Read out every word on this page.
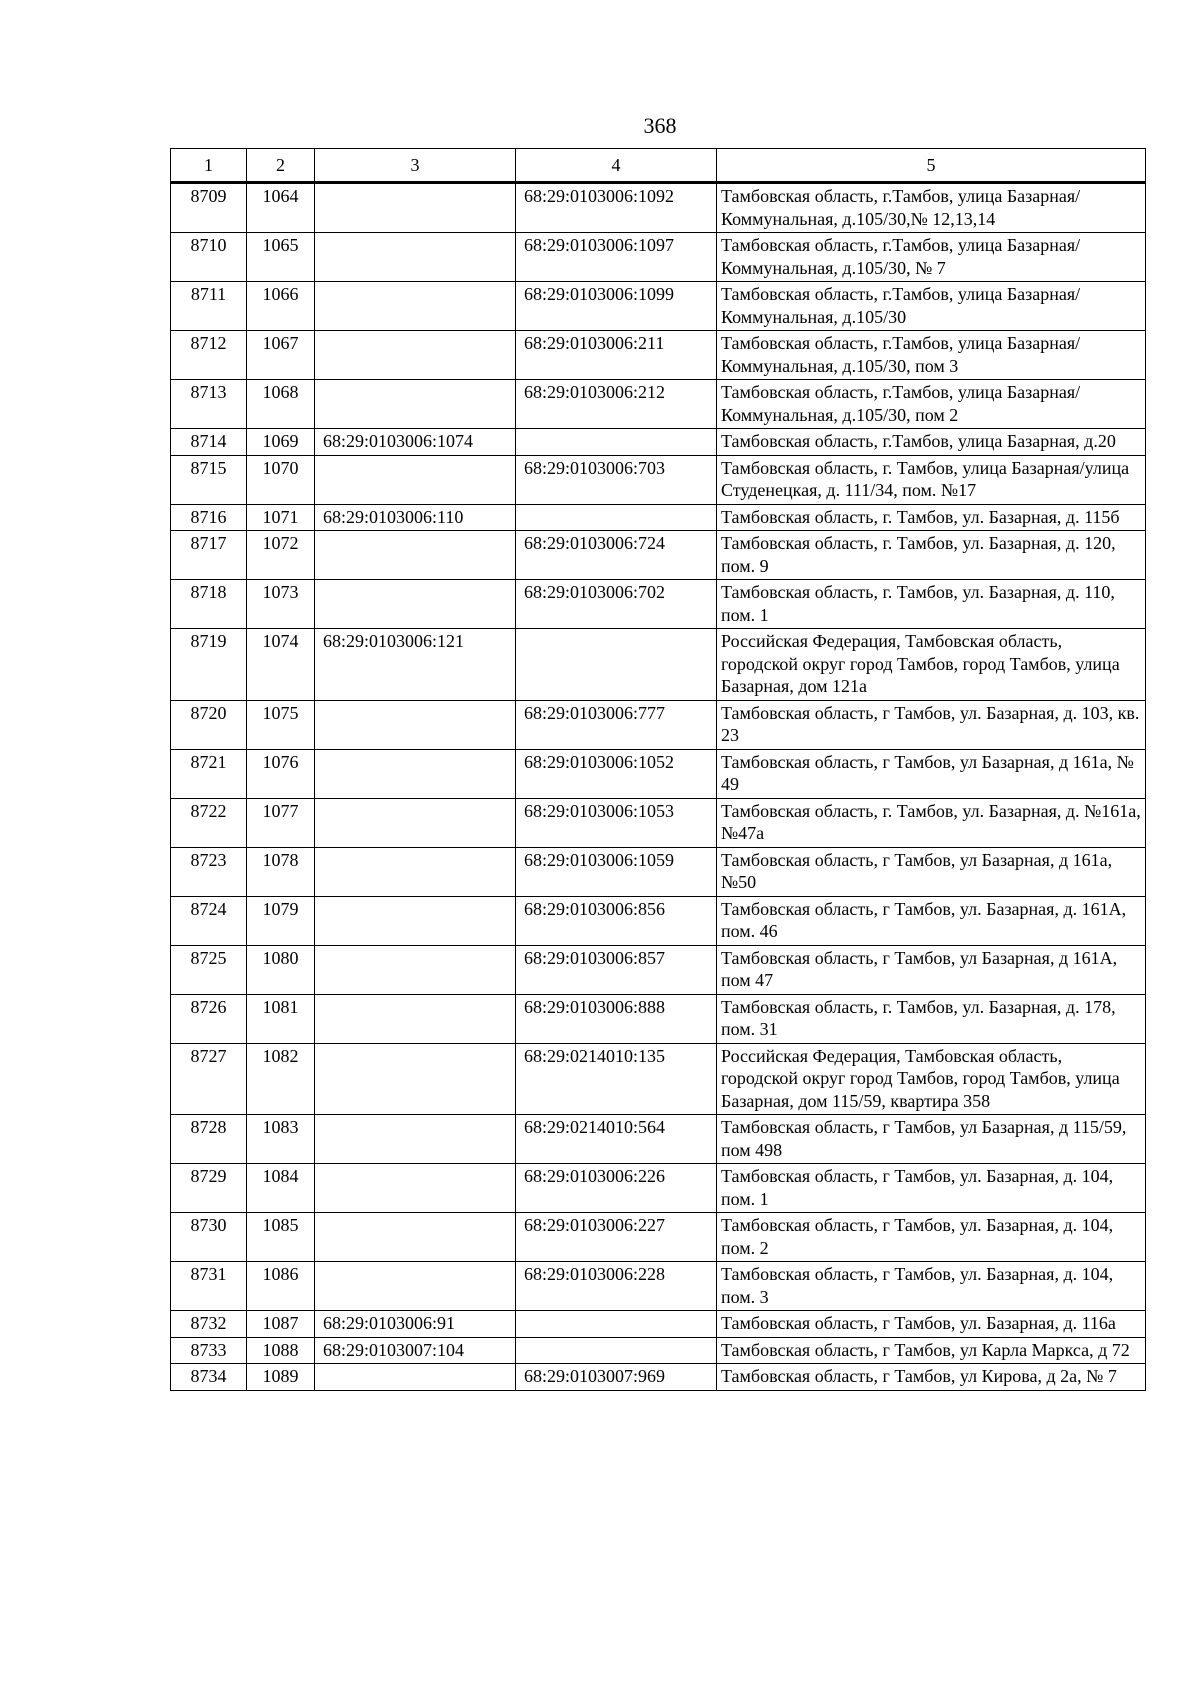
368
1	2	3	4	5
8709	1064		68:29:0103006:1092	Тамбовская область, г.Тамбов, улица Базарная/Коммунальная, д.105/30,№ 12,13,14
8710	1065		68:29:0103006:1097	Тамбовская область, г.Тамбов, улица Базарная/Коммунальная, д.105/30, № 7
8711	1066		68:29:0103006:1099	Тамбовская область, г.Тамбов, улица Базарная/Коммунальная, д.105/30
8712	1067		68:29:0103006:211	Тамбовская область, г.Тамбов, улица Базарная/Коммунальная, д.105/30, пом 3
8713	1068		68:29:0103006:212	Тамбовская область, г.Тамбов, улица Базарная/Коммунальная, д.105/30, пом 2
8714	1069	68:29:0103006:1074		Тамбовская область, г.Тамбов, улица Базарная, д.20
8715	1070		68:29:0103006:703	Тамбовская область, г. Тамбов, улица Базарная/улица Студенецкая, д. 111/34, пом. №17
8716	1071	68:29:0103006:110		Тамбовская область, г. Тамбов, ул. Базарная, д. 115б
8717	1072		68:29:0103006:724	Тамбовская область, г. Тамбов, ул. Базарная, д. 120, пом. 9
8718	1073		68:29:0103006:702	Тамбовская область, г. Тамбов, ул. Базарная, д. 110, пом. 1
8719	1074	68:29:0103006:121		Российская Федерация, Тамбовская область, городской округ город Тамбов, город Тамбов, улица Базарная, дом 121а
8720	1075		68:29:0103006:777	Тамбовская область, г Тамбов, ул. Базарная, д. 103, кв. 23
8721	1076		68:29:0103006:1052	Тамбовская область, г Тамбов, ул Базарная, д 161а, № 49
8722	1077		68:29:0103006:1053	Тамбовская область, г. Тамбов, ул. Базарная, д. №161а, №47а
8723	1078		68:29:0103006:1059	Тамбовская область, г Тамбов, ул Базарная, д 161а, №50
8724	1079		68:29:0103006:856	Тамбовская область, г Тамбов, ул. Базарная, д. 161А, пом. 46
8725	1080		68:29:0103006:857	Тамбовская область, г Тамбов, ул Базарная, д 161А, пом 47
8726	1081		68:29:0103006:888	Тамбовская область, г. Тамбов, ул. Базарная, д. 178, пом. 31
8727	1082		68:29:0214010:135	Российская Федерация, Тамбовская область, городской округ город Тамбов, город Тамбов, улица Базарная, дом 115/59, квартира 358
8728	1083		68:29:0214010:564	Тамбовская область, г Тамбов, ул Базарная, д 115/59, пом 498
8729	1084		68:29:0103006:226	Тамбовская область, г Тамбов, ул. Базарная, д. 104, пом. 1
8730	1085		68:29:0103006:227	Тамбовская область, г Тамбов, ул. Базарная, д. 104, пом. 2
8731	1086		68:29:0103006:228	Тамбовская область, г Тамбов, ул. Базарная, д. 104, пом. 3
8732	1087	68:29:0103006:91		Тамбовская область, г Тамбов, ул. Базарная, д. 116а
8733	1088	68:29:0103007:104		Тамбовская область, г Тамбов, ул Карла Маркса, д 72
8734	1089		68:29:0103007:969	Тамбовская область, г Тамбов, ул Кирова, д 2а, № 7
